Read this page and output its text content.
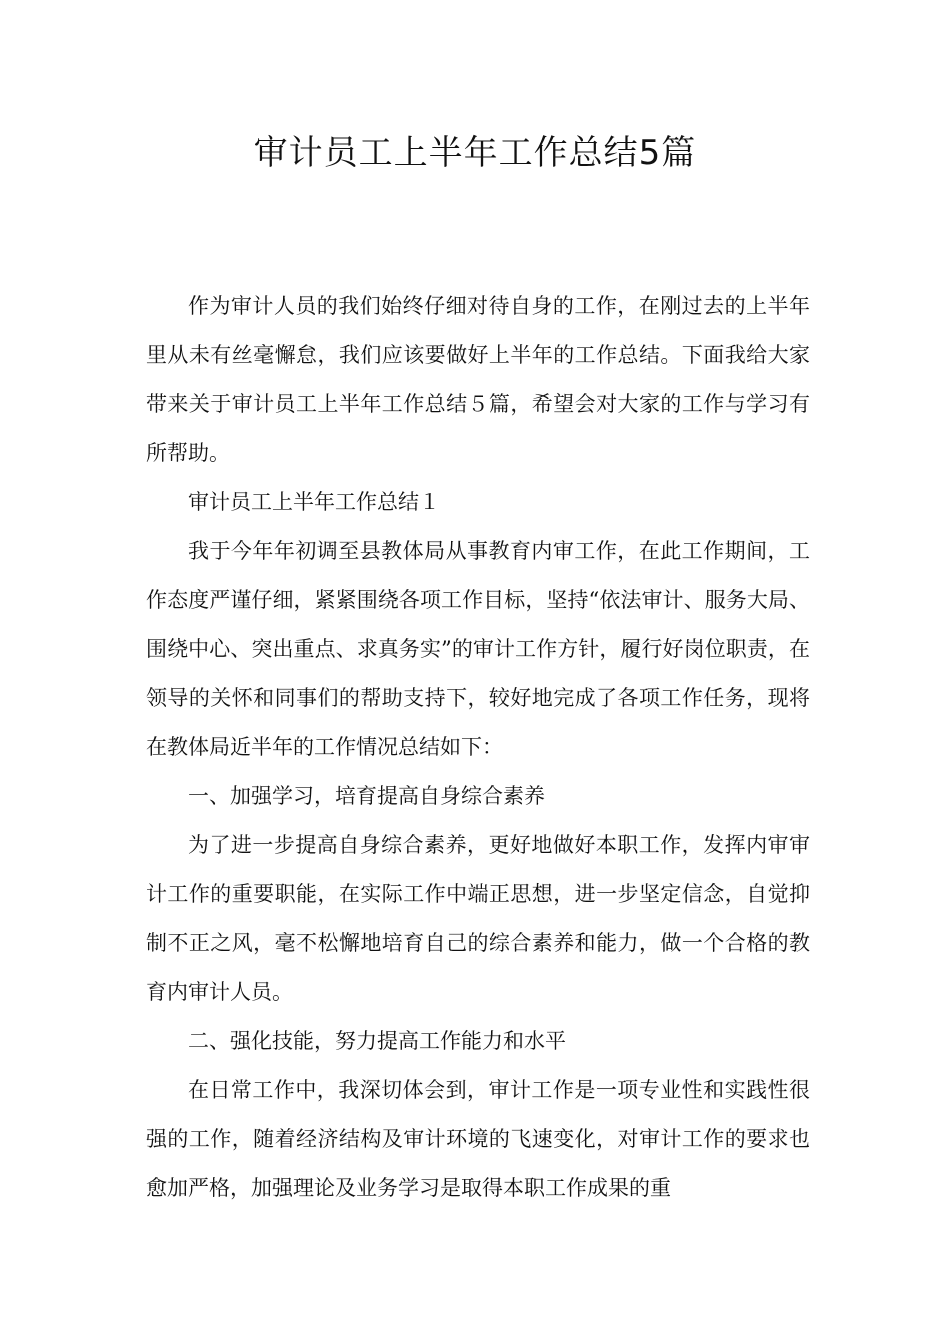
审计员工上半年工作总结5篇

作为审计人员的我们始终仔细对待自身的工作，在刚过去的上半年里从未有丝毫懈怠，我们应该要做好上半年的工作总结。下面我给大家带来关于审计员工上半年工作总结５篇，希望会对大家的工作与学习有所帮助。

审计员工上半年工作总结１

我于今年年初调至县教体局从事教育内审工作，在此工作期间，工作态度严谨仔细，紧紧围绕各项工作目标，坚持“依法审计、服务大局、围绕中心、突出重点、求真务实”的审计工作方针，履行好岗位职责，在领导的关怀和同事们的帮助支持下，较好地完成了各项工作任务，现将在教体局近半年的工作情况总结如下：

一、加强学习，培育提高自身综合素养

为了进一步提高自身综合素养，更好地做好本职工作，发挥内审审计工作的重要职能，在实际工作中端正思想，进一步坚定信念，自觉抑制不正之风，毫不松懈地培育自己的综合素养和能力，做一个合格的教育内审计人员。

二、强化技能，努力提高工作能力和水平

在日常工作中，我深切体会到，审计工作是一项专业性和实践性很强的工作，随着经济结构及审计环境的飞速变化，对审计工作的要求也愈加严格，加强理论及业务学习是取得本职工作成果的重
